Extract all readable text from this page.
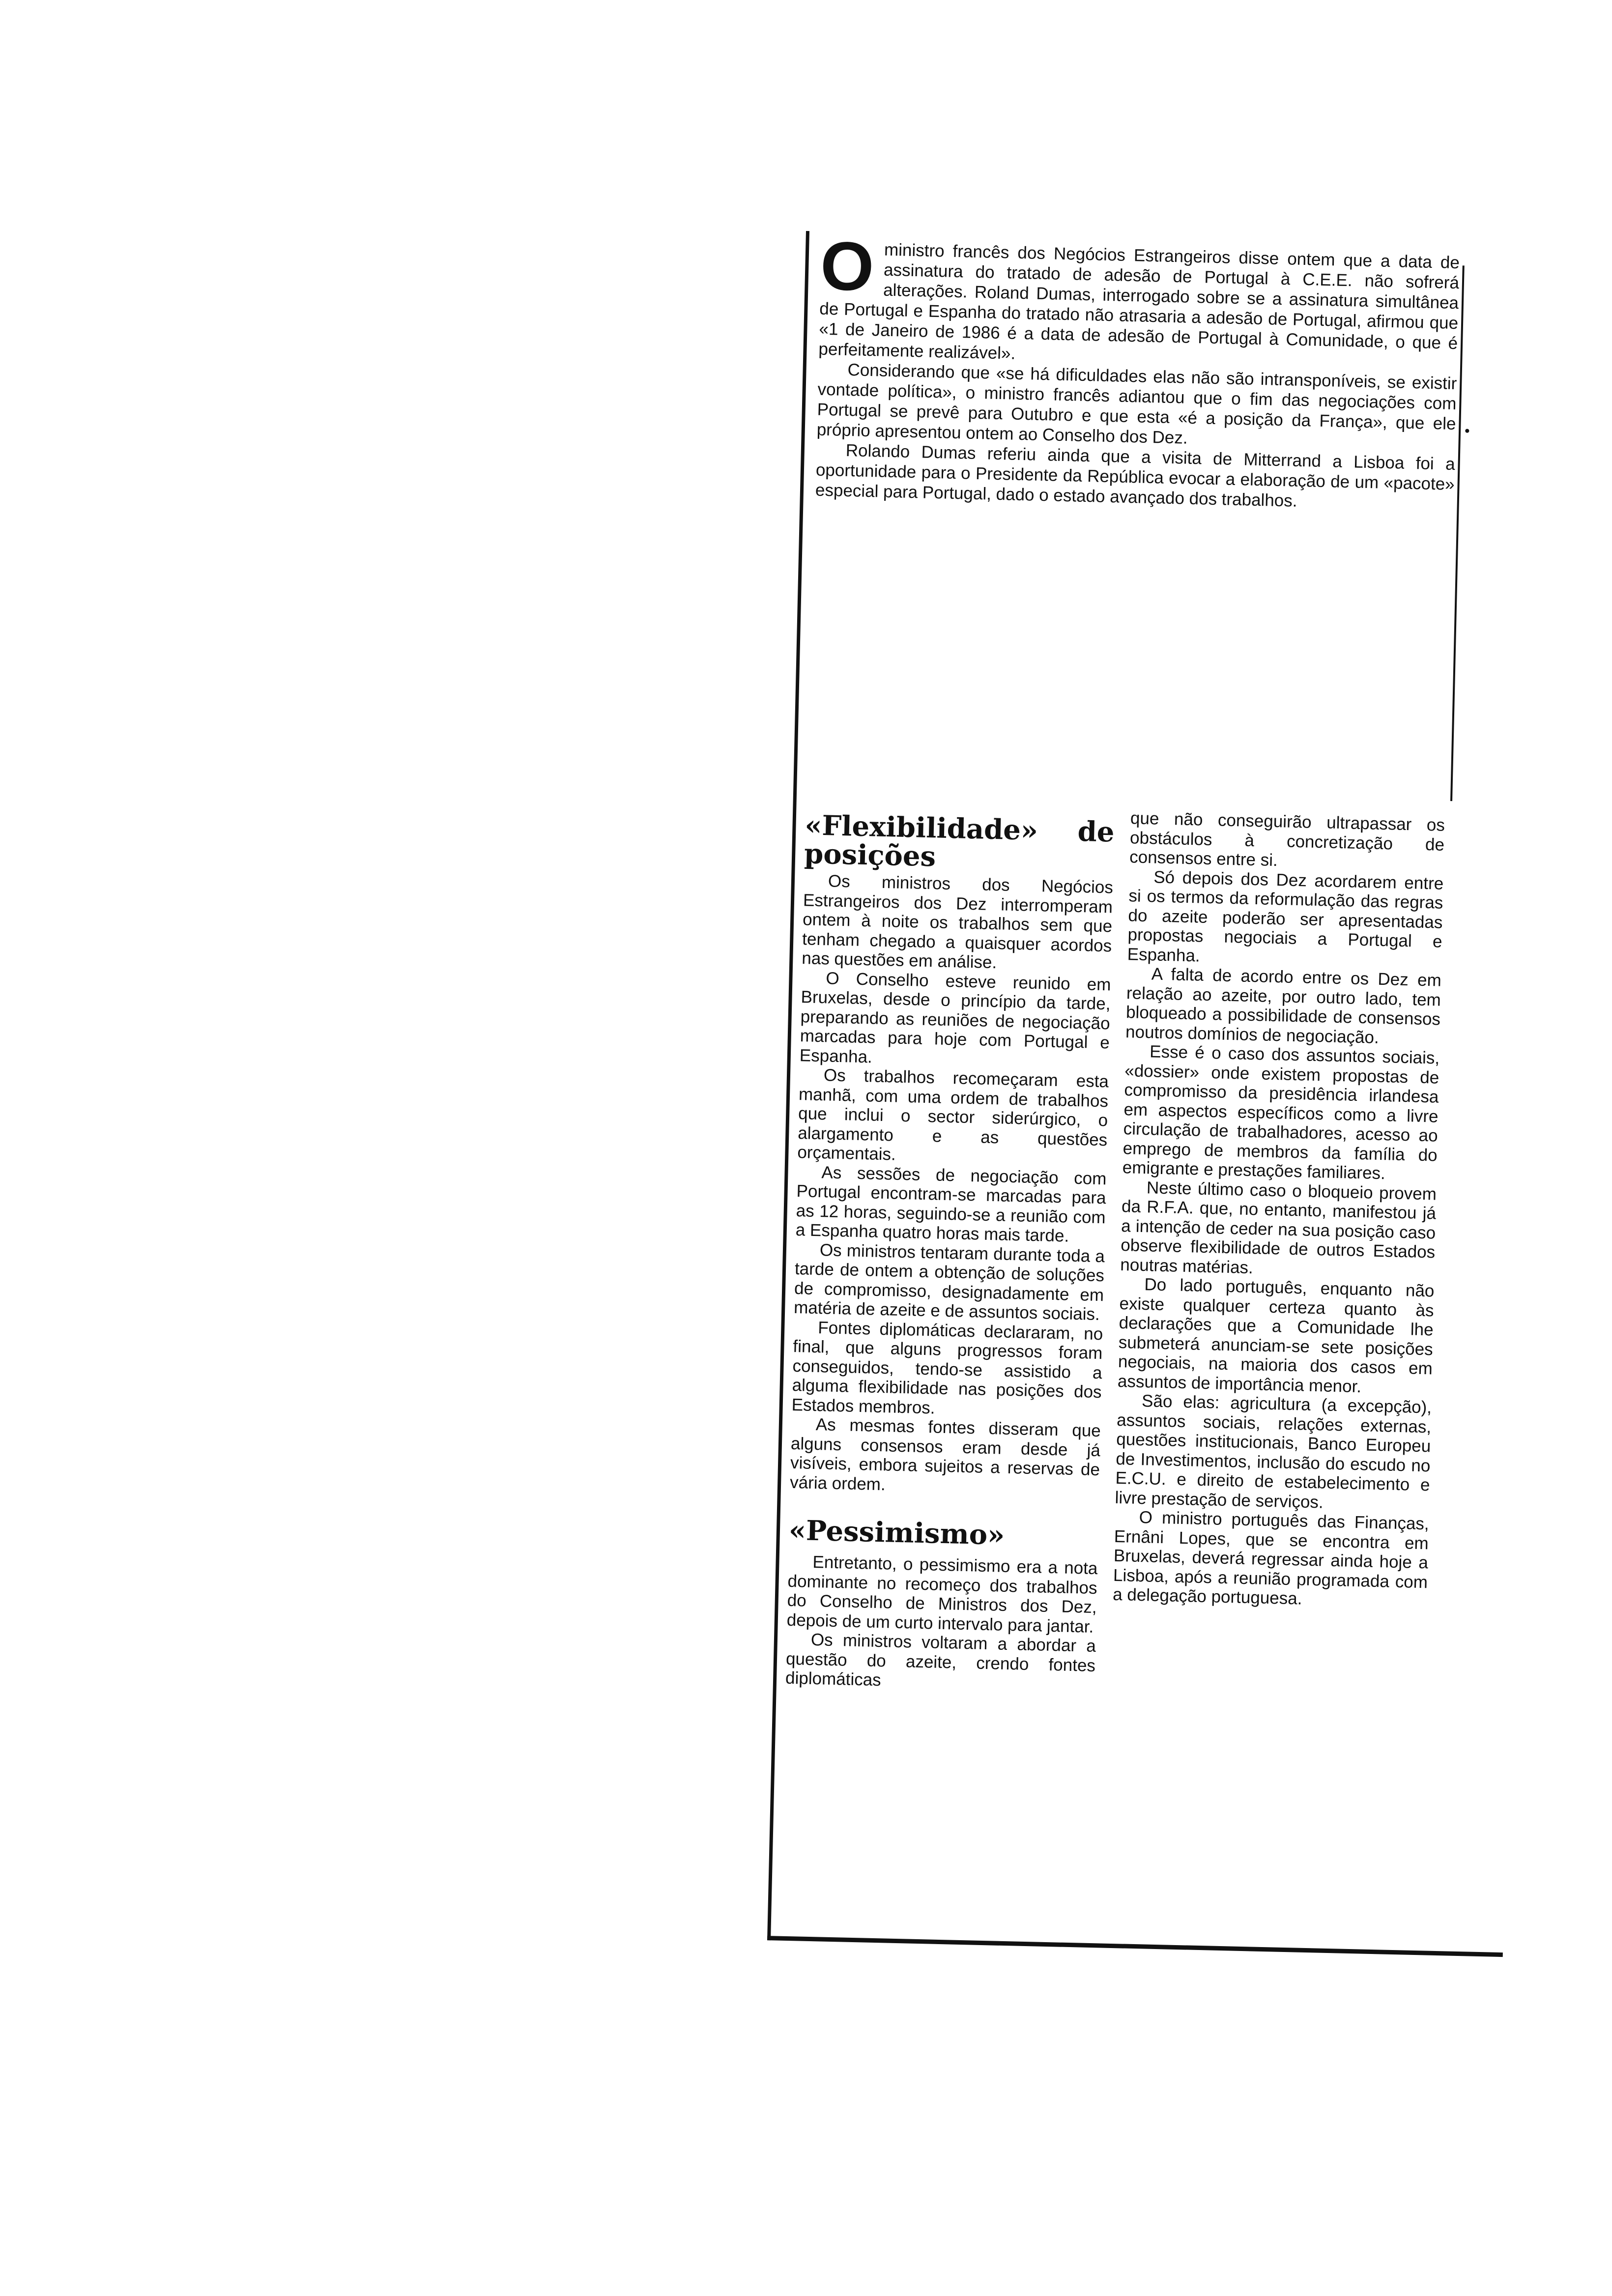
Oministro francês dos Negócios Estrangeiros disse ontem que a data de assinatura do tratado de adesão de Portugal à C.E.E. não sofrerá alterações. Roland Dumas, interrogado sobre se a assinatura simultânea de Portugal e Espanha do tratado não atrasaria a adesão de Portugal, afirmou que «1 de Janeiro de 1986 é a data de adesão de Portugal à Comunidade, o que é perfeitamente realizável».

Considerando que «se há dificuldades elas não são intransponíveis, se existir vontade política», o ministro francês adiantou que o fim das negociações com Portugal se prevê para Outubro e que esta «é a posição da França», que ele próprio apresentou ontem ao Conselho dos Dez.

Rolando Dumas referiu ainda que a visita de Mitterrand a Lisboa foi a oportunidade para o Presidente da República evocar a elaboração de um «pacote» especial para Portugal, dado o estado avançado dos trabalhos.

•
«Flexibilidade» de posições

Os ministros dos Negócios Estrangeiros dos Dez interromperam ontem à noite os trabalhos sem que tenham chegado a quaisquer acordos nas questões em análise.

O Conselho esteve reunido em Bruxelas, desde o princípio da tarde, preparando as reuniões de negociação marcadas para hoje com Portugal e Espanha.

Os trabalhos recomeçaram esta manhã, com uma ordem de trabalhos que inclui o sector siderúrgico, o alargamento e as questões orçamentais.

As sessões de negociação com Portugal encontram-se marcadas para as 12 horas, seguindo-se a reunião com a Espanha quatro horas mais tarde.

Os ministros tentaram durante toda a tarde de ontem a obtenção de soluções de compromisso, designadamente em matéria de azeite e de assuntos sociais.

Fontes diplomáticas declararam, no final, que alguns progressos foram conseguidos, tendo-se assistido a alguma flexibilidade nas posições dos Estados membros.

As mesmas fontes disseram que alguns consensos eram desde já visíveis, embora sujeitos a reservas de vária ordem.

«Pessimismo»

Entretanto, o pessimismo era a nota dominante no recomeço dos trabalhos do Conselho de Ministros dos Dez, depois de um curto intervalo para jantar.

Os ministros voltaram a abordar a questão do azeite, crendo fontes diplomáticas

que não conseguirão ultrapassar os obstáculos à concretização de consensos entre si.

Só depois dos Dez acordarem entre si os termos da reformulação das regras do azeite poderão ser apresentadas propostas negociais a Portugal e Espanha.

A falta de acordo entre os Dez em relação ao azeite, por outro lado, tem bloqueado a possibilidade de consensos noutros domínios de negociação.

Esse é o caso dos assuntos sociais, «dossier» onde existem propostas de compromisso da presidência irlandesa em aspectos específicos como a livre circulação de trabalhadores, acesso ao emprego de membros da família do emigrante e prestações familiares.

Neste último caso o bloqueio provem da R.F.A. que, no entanto, manifestou já a intenção de ceder na sua posição caso observe flexibilidade de outros Estados noutras matérias.

Do lado português, enquanto não existe qualquer certeza quanto às declarações que a Comunidade lhe submeterá anunciam-se sete posições negociais, na maioria dos casos em assuntos de importância menor.

São elas: agricultura (a excepção), assuntos sociais, relações externas, questões institucionais, Banco Europeu de Investimentos, inclusão do escudo no E.C.U. e direito de estabelecimento e livre prestação de serviços.

O ministro português das Finanças, Ernâni Lopes, que se encontra em Bruxelas, deverá regressar ainda hoje a Lisboa, após a reunião programada com a delegação portuguesa.
